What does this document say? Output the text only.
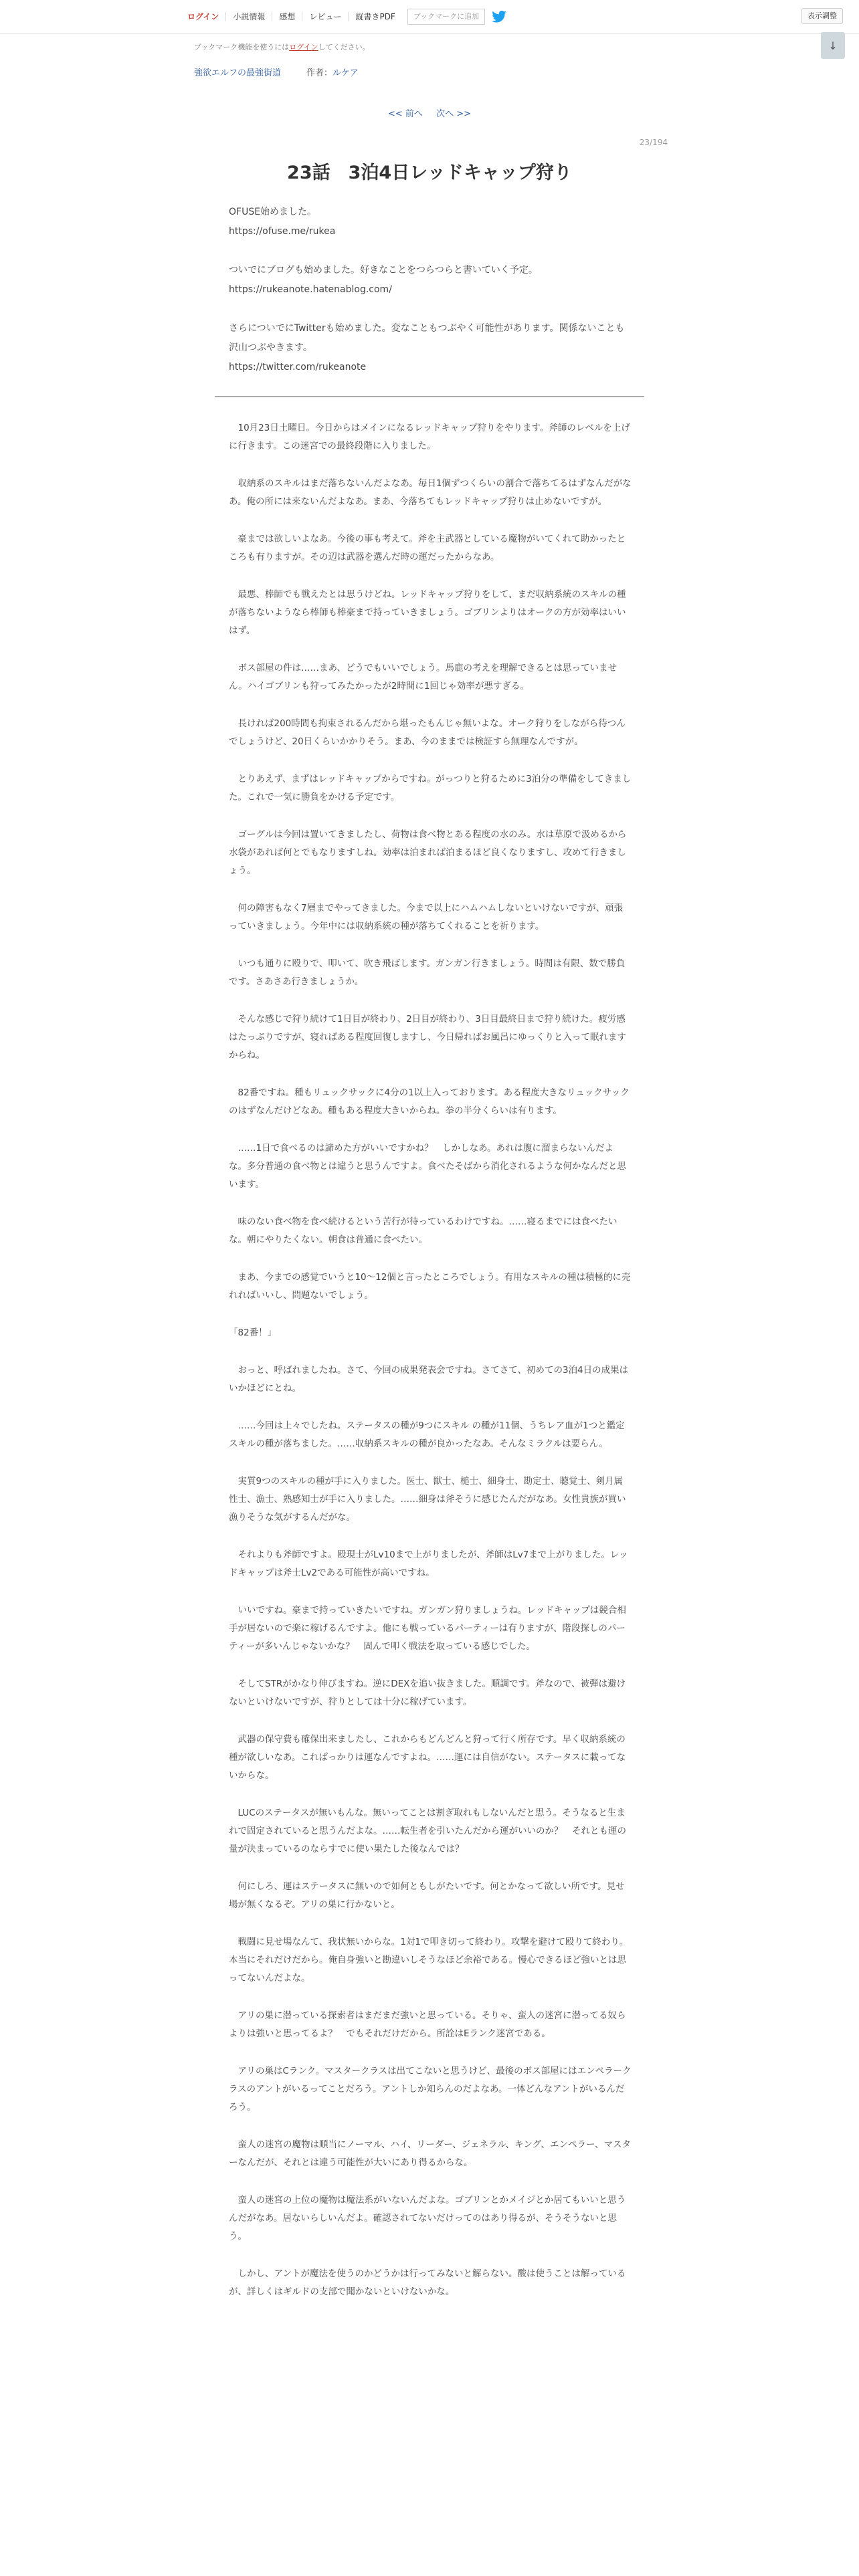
ログイン	小説情報	感想	レビュー	縦書きPDF	ブックマークに追加	表示調整
ブックマーク機能を使うにはログインしてください。	↓
強欲エルフの最強街道	作者：ルケア
<< 前へ 次へ >>
23/194
23話　3泊4日レッドキャップ狩り

OFUSE始めました。

https://ofuse.me/rukea

ついでにブログも始めました。好きなことをつらつらと書いていく予定。

https://rukeanote.hatenablog.com/

さらについでにTwitterも始めました。変なこともつぶやく可能性があります。関係ないことも沢山つぶやきます。

https://twitter.com/rukeanote

　10月23日土曜日。今日からはメインになるレッドキャップ狩りをやります。斧師のレベルを上げに行きます。この迷宮での最終段階に入りました。

　収納系のスキルはまだ落ちないんだよなあ。毎日1個ずつくらいの割合で落ちてるはずなんだがなあ。俺の所には来ないんだよなあ。まあ、今落ちてもレッドキャップ狩りは止めないですが。

　豪までは欲しいよなあ。今後の事も考えて。斧を主武器としている魔物がいてくれて助かったところも有りますが。その辺は武器を選んだ時の運だったからなあ。

　最悪、棒師でも戦えたとは思うけどね。レッドキャップ狩りをして、まだ収納系統のスキルの種が落ちないようなら棒師も棒豪まで持っていきましょう。ゴブリンよりはオークの方が効率はいいはず。

　ボス部屋の件は……まあ、どうでもいいでしょう。馬鹿の考えを理解できるとは思っていません。ハイゴブリンも狩ってみたかったが2時間に1回じゃ効率が悪すぎる。

　長ければ200時間も拘束されるんだから堪ったもんじゃ無いよな。オーク狩りをしながら待つんでしょうけど、20日くらいかかりそう。まあ、今のままでは検証すら無理なんですが。

　とりあえず、まずはレッドキャップからですね。がっつりと狩るために3泊分の準備をしてきました。これで一気に勝負をかける予定です。

　ゴーグルは今回は置いてきましたし、荷物は食べ物とある程度の水のみ。水は草原で汲めるから水袋があれば何とでもなりますしね。効率は泊まれば泊まるほど良くなりますし、攻めて行きましょう。

　何の障害もなく7層までやってきました。今まで以上にハムハムしないといけないですが、頑張っていきましょう。今年中には収納系統の種が落ちてくれることを祈ります。

　いつも通りに殴りで、叩いて、吹き飛ばします。ガンガン行きましょう。時間は有限、数で勝負です。さあさあ行きましょうか。

　そんな感じで狩り続けて1日目が終わり、2日目が終わり、3日目最終日まで狩り続けた。疲労感はたっぷりですが、寝ればある程度回復しますし、今日帰ればお風呂にゆっくりと入って眠れますからね。

　82番ですね。種もリュックサックに4分の1以上入っております。ある程度大きなリュックサックのはずなんだけどなあ。種もある程度大きいからね。拳の半分くらいは有ります。

　……1日で食べるのは諦めた方がいいですかね？　しかしなあ。あれは腹に溜まらないんだよな。多分普通の食べ物とは違うと思うんですよ。食べたそばから消化されるような何かなんだと思います。

　味のない食べ物を食べ続けるという苦行が待っているわけですね。……寝るまでには食べたいな。朝にやりたくない。朝食は普通に食べたい。

　まあ、今までの感覚でいうと10～12個と言ったところでしょう。有用なスキルの種は積極的に売れればいいし、問題ないでしょう。

「82番！」

　おっと、呼ばれましたね。さて、今回の成果発表会ですね。さてさて、初めての3泊4日の成果はいかほどにとね。

　……今回は上々でしたね。ステータスの種が9つにスキル の種が11個、うちレア血が1つと鑑定スキルの種が落ちました。……収納系スキルの種が良かったなあ。そんなミラクルは要らん。

　実質9つのスキルの種が手に入りました。医士、獣士、槌士、細身士、勘定士、聴覚士、剣月属性士、漁士、熟感知士が手に入りました。……細身は斧そうに感じたんだがなあ。女性貴族が買い漁りそうな気がするんだがな。

　それよりも斧師ですよ。殴現士がLv10まで上がりましたが、斧師はLv7まで上がりました。レッドキャップは斧士Lv2である可能性が高いですね。

　いいですね。豪まで持っていきたいですね。ガンガン狩りましょうね。レッドキャップは競合相手が居ないので楽に稼げるんですよ。他にも戦っているパーティーは有りますが、階段探しのパーティーが多いんじゃないかな？　固んで叩く戦法を取っている感じでした。

　そしてSTRがかなり伸びますね。逆にDEXを追い抜きました。順調です。斧なので、被弾は避けないといけないですが、狩りとしては十分に稼げています。

　武器の保守費も確保出来ましたし、これからもどんどんと狩って行く所存です。早く収納系統の種が欲しいなあ。これぱっかりは運なんですよね。……運には自信がない。ステータスに載ってないからな。

　LUCのステータスが無いもんな。無いってことは割ぎ取れもしないんだと思う。そうなると生まれで固定されていると思うんだよな。……転生者を引いたんだから運がいいのか？　それとも運の量が決まっているのならすでに使い果たした後なんでは？

　何にしろ、運はステータスに無いので如何ともしがたいです。何とかなって欲しい所です。見せ場が無くなるぞ。アリの巣に行かないと。

　戦闘に見せ場なんて、我状無いからな。1対1で叩き切って終わり。攻撃を避けて殴りて終わり。本当にそれだけだから。俺自身強いと勘違いしそうなほど余裕である。慢心できるほど強いとは思ってないんだよな。

　アリの巣に潜っている探索者はまだまだ強いと思っている。そりゃ、蛮人の迷宮に潜ってる奴らよりは強いと思ってるよ？　でもそれだけだから。所詮はEランク迷宮である。

　アリの巣はCランク。マスタークラスは出てこないと思うけど、最後のボス部屋にはエンペラークラスのアントがいるってことだろう。アントしか知らんのだよなあ。一体どんなアントがいるんだろう。

　蛮人の迷宮の魔物は順当にノーマル、ハイ、リーダー、ジェネラル、キング、エンペラー、マスターなんだが、それとは違う可能性が大いにあり得るからな。

　蛮人の迷宮の上位の魔物は魔法系がいないんだよな。ゴブリンとかメイジとか居てもいいと思うんだがなあ。居ないらしいんだよ。確認されてないだけってのはあり得るが、そうそうないと思う。

　しかし、アントが魔法を使うのかどうかは行ってみないと解らない。酸は使うことは解っているが、詳しくはギルドの支部で聞かないといけないかな。
